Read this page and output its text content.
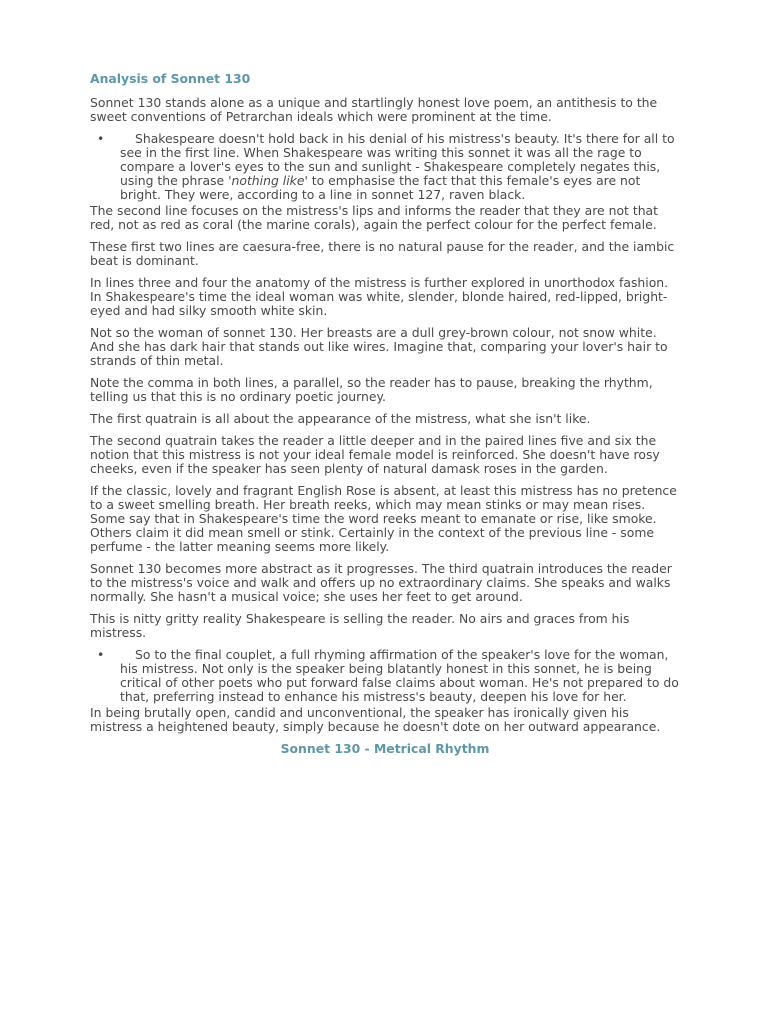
Analysis of Sonnet 130
Sonnet 130 stands alone as a unique and startlingly honest love poem, an antithesis to the sweet conventions of Petrarchan ideals which were prominent at the time.
• Shakespeare doesn't hold back in his denial of his mistress's beauty. It's there for all to see in the first line. When Shakespeare was writing this sonnet it was all the rage to compare a lover's eyes to the sun and sunlight - Shakespeare completely negates this, using the phrase 'nothing like' to emphasise the fact that this female's eyes are not bright. They were, according to a line in sonnet 127, raven black.
The second line focuses on the mistress's lips and informs the reader that they are not that red, not as red as coral (the marine corals), again the perfect colour for the perfect female.
These first two lines are caesura-free, there is no natural pause for the reader, and the iambic beat is dominant.
In lines three and four the anatomy of the mistress is further explored in unorthodox fashion. In Shakespeare's time the ideal woman was white, slender, blonde haired, red-lipped, bright-eyed and had silky smooth white skin.
Not so the woman of sonnet 130. Her breasts are a dull grey-brown colour, not snow white. And she has dark hair that stands out like wires. Imagine that, comparing your lover's hair to strands of thin metal.
Note the comma in both lines, a parallel, so the reader has to pause, breaking the rhythm, telling us that this is no ordinary poetic journey.
The first quatrain is all about the appearance of the mistress, what she isn't like.
The second quatrain takes the reader a little deeper and in the paired lines five and six the notion that this mistress is not your ideal female model is reinforced. She doesn't have rosy cheeks, even if the speaker has seen plenty of natural damask roses in the garden.
If the classic, lovely and fragrant English Rose is absent, at least this mistress has no pretence to a sweet smelling breath. Her breath reeks, which may mean stinks or may mean rises. Some say that in Shakespeare's time the word reeks meant to emanate or rise, like smoke. Others claim it did mean smell or stink. Certainly in the context of the previous line - some perfume - the latter meaning seems more likely.
Sonnet 130 becomes more abstract as it progresses. The third quatrain introduces the reader to the mistress's voice and walk and offers up no extraordinary claims. She speaks and walks normally. She hasn't a musical voice; she uses her feet to get around.
This is nitty gritty reality Shakespeare is selling the reader. No airs and graces from his mistress.
• So to the final couplet, a full rhyming affirmation of the speaker's love for the woman, his mistress. Not only is the speaker being blatantly honest in this sonnet, he is being critical of other poets who put forward false claims about woman. He's not prepared to do that, preferring instead to enhance his mistress's beauty, deepen his love for her.
In being brutally open, candid and unconventional, the speaker has ironically given his mistress a heightened beauty, simply because he doesn't dote on her outward appearance.
Sonnet 130 - Metrical Rhythm
